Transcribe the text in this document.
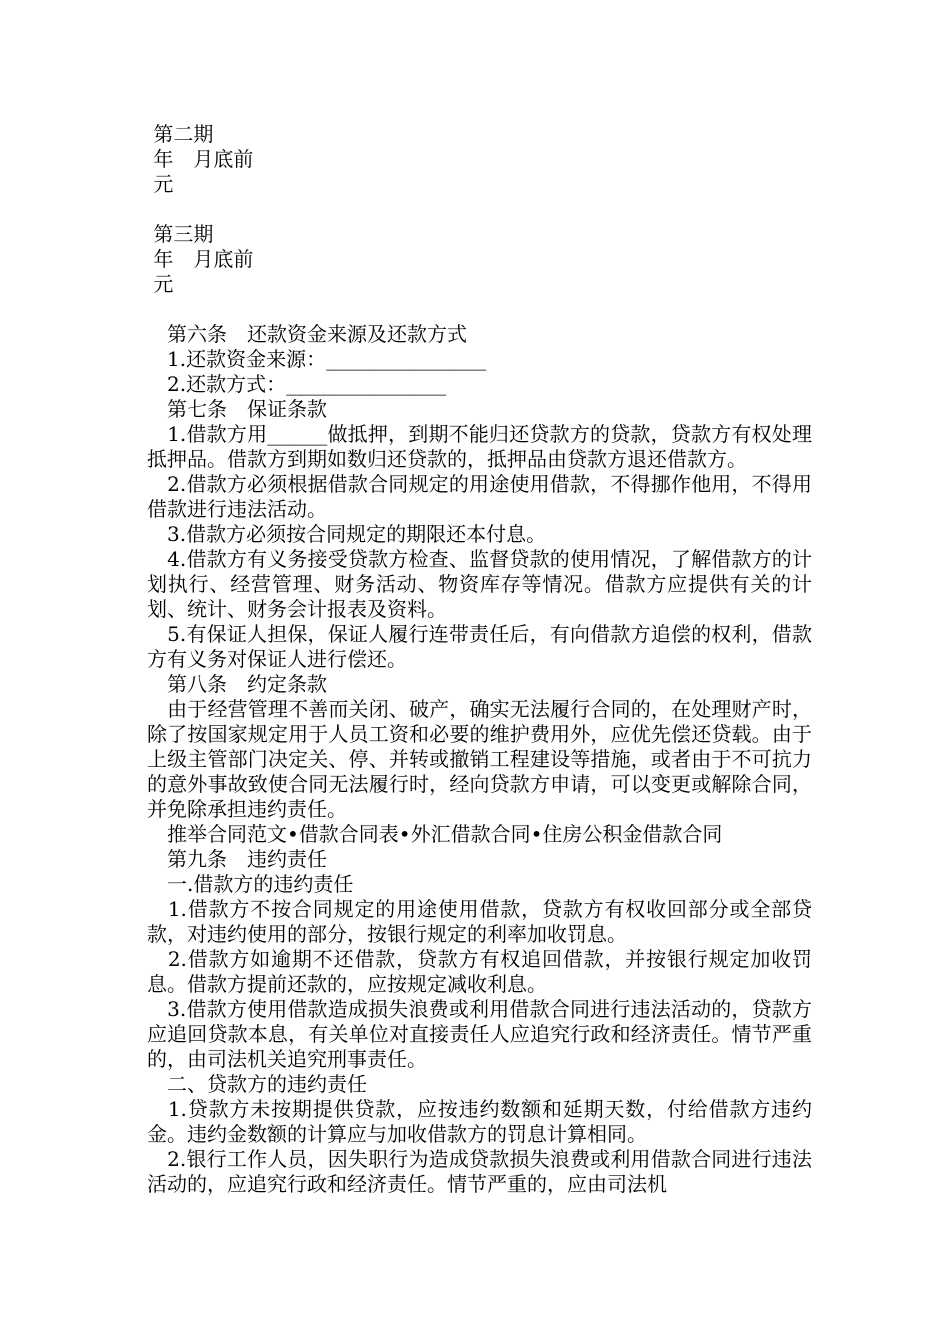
第二期
年　月底前
元
第三期
年　月底前
元
　第六条　还款资金来源及还款方式
　1.还款资金来源：________________
　2.还款方式：________________
　第七条　保证条款
　1.借款方用______做抵押，到期不能归还贷款方的贷款，贷款方有权处理抵押品。借款方到期如数归还贷款的，抵押品由贷款方退还借款方。
　2.借款方必须根据借款合同规定的用途使用借款，不得挪作他用，不得用借款进行违法活动。
　3.借款方必须按合同规定的期限还本付息。
　4.借款方有义务接受贷款方检查、监督贷款的使用情况，了解借款方的计划执行、经营管理、财务活动、物资库存等情况。借款方应提供有关的计划、统计、财务会计报表及资料。
　5.有保证人担保，保证人履行连带责任后，有向借款方追偿的权利，借款方有义务对保证人进行偿还。
　第八条　约定条款
　由于经营管理不善而关闭、破产，确实无法履行合同的，在处理财产时，除了按国家规定用于人员工资和必要的维护费用外，应优先偿还贷载。由于上级主管部门决定关、停、并转或撤销工程建设等措施，或者由于不可抗力的意外事故致使合同无法履行时，经向贷款方申请，可以变更或解除合同，并免除承担违约责任。
　推举合同范文•借款合同表•外汇借款合同•住房公积金借款合同
　第九条　违约责任
　一.借款方的违约责任
　1.借款方不按合同规定的用途使用借款，贷款方有权收回部分或全部贷款，对违约使用的部分，按银行规定的利率加收罚息。
　2.借款方如逾期不还借款，贷款方有权追回借款，并按银行规定加收罚息。借款方提前还款的，应按规定减收利息。
　3.借款方使用借款造成损失浪费或利用借款合同进行违法活动的，贷款方应追回贷款本息，有关单位对直接责任人应追究行政和经济责任。情节严重的，由司法机关追究刑事责任。
　二、贷款方的违约责任
　1.贷款方未按期提供贷款，应按违约数额和延期天数，付给借款方违约金。违约金数额的计算应与加收借款方的罚息计算相同。
　2.银行工作人员，因失职行为造成贷款损失浪费或利用借款合同进行违法活动的，应追究行政和经济责任。情节严重的，应由司法机
